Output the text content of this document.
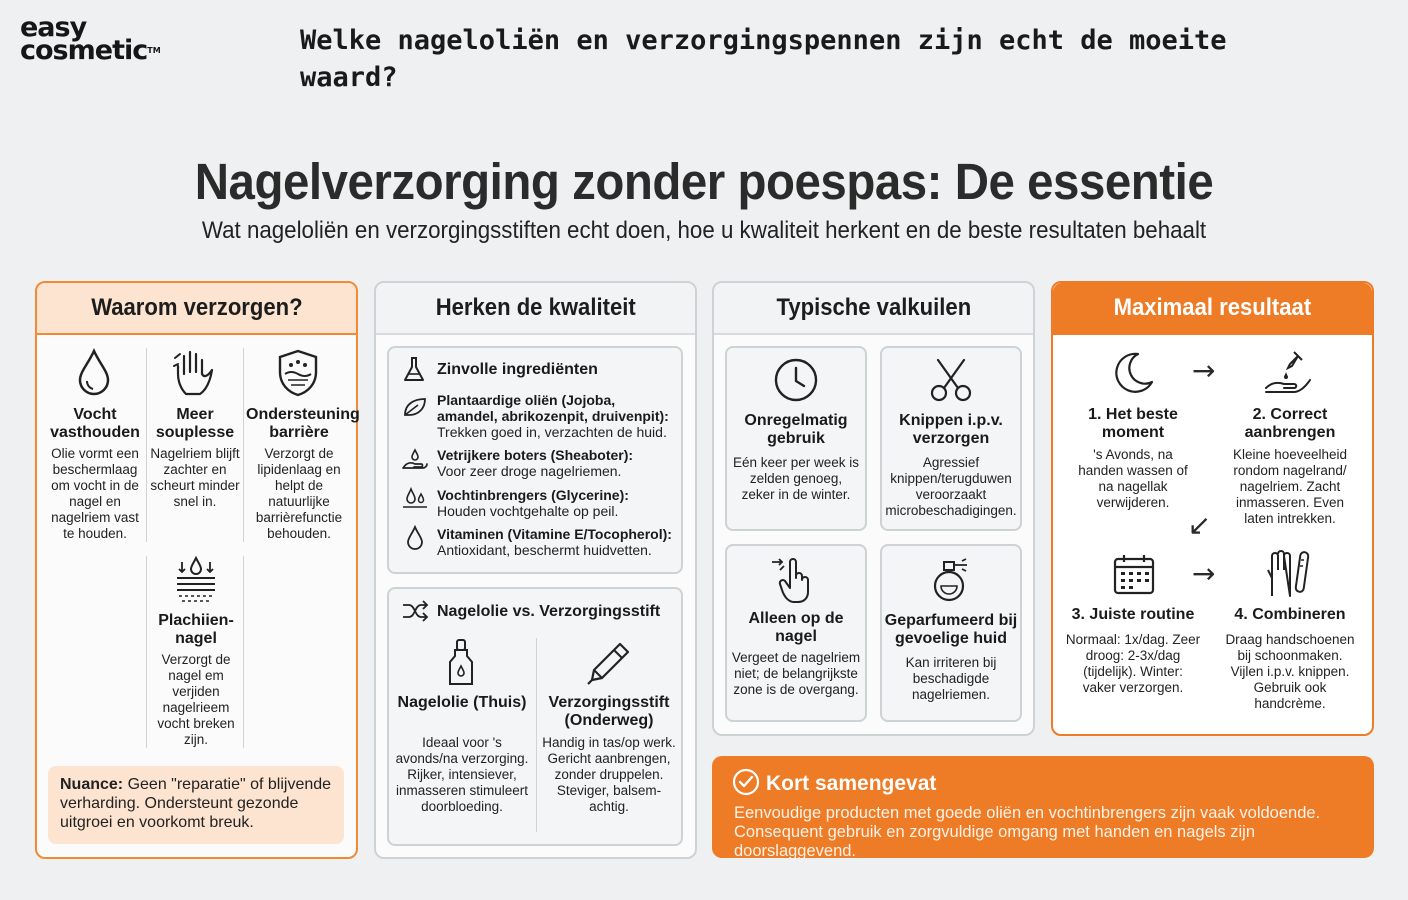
easy
cosmetic™	Welke nageloliën en verzorgingspennen zijn echt de moeite waard?
Nagelverzorging zonder poespas: De essentie
Wat nageloliën en verzorgingsstiften echt doen, hoe u kwaliteit herkent en de beste resultaten behaalt
Waarom verzorgen?
Vocht vasthouden
Olie vormt een beschermlaag om vocht in de nagel en nagelriem vast te houden.
Meer souplesse
Nagelriem blijft zachter en scheurt minder snel in.
Ondersteuning barrière
Verzorgt de lipidenlaag en helpt de natuurlijke barrièrefunctie behouden.
Plachiien-nagel
Verzorgt de nagel em verjiden nagelrieem vocht breken zijn.
Nuance: Geen "reparatie" of blijvende verharding. Ondersteunt gezonde uitgroei en voorkomt breuk.
Herken de kwaliteit
Zinvolle ingrediënten
Plantaardige oliën (Jojoba, amandel, abrikozenpit, druivenpit):
Trekken goed in, verzachten de huid.
Vetrijkere boters (Sheaboter):
Voor zeer droge nagelriemen.
Vochtinbrengers (Glycerine):
Houden vochtgehalte op peil.
Vitaminen (Vitamine E/Tocopherol):
Antioxidant, beschermt huidvetten.
Nagelolie vs. Verzorgingsstift
Nagelolie (Thuis)
Ideaal voor 's avonds/na verzorging. Rijker, intensiever, inmasseren stimuleert doorbloeding.
Verzorgingsstift (Onderweg)
Handig in tas/op werk. Gericht aanbrengen, zonder druppelen. Steviger, balsem-achtig.
Typische valkuilen
Onregelmatig gebruik
Eén keer per week is zelden genoeg, zeker in de winter.
Knippen i.p.v. verzorgen
Agressief knippen/terugduwen veroorzaakt microbeschadigingen.
Alleen op de nagel
Vergeet de nagelriem niet; de belangrijkste zone is de overgang.
Geparfumeerd bij gevoelige huid
Kan irriteren bij beschadigde nagelriemen.
Maximaal resultaat
1. Het beste moment
's Avonds, na handen wassen of na nagellak verwijderen.
→
2. Correct aanbrengen
Kleine hoeveelheid rondom nagelrand/ nagelriem. Zacht inmasseren. Even laten intrekken.
→
3. Juiste routine
Normaal: 1x/dag. Zeer droog: 2-3x/dag (tijdelijk). Winter: vaker verzorgen.
→
4. Combineren
Draag handschoenen bij schoonmaken. Vijlen i.p.v. knippen. Gebruik ook handcrème.
Kort samengevat
Eenvoudige producten met goede oliën en vochtinbrengers zijn vaak voldoende. Consequent gebruik en zorgvuldige omgang met handen en nagels zijn doorslaggevend.
